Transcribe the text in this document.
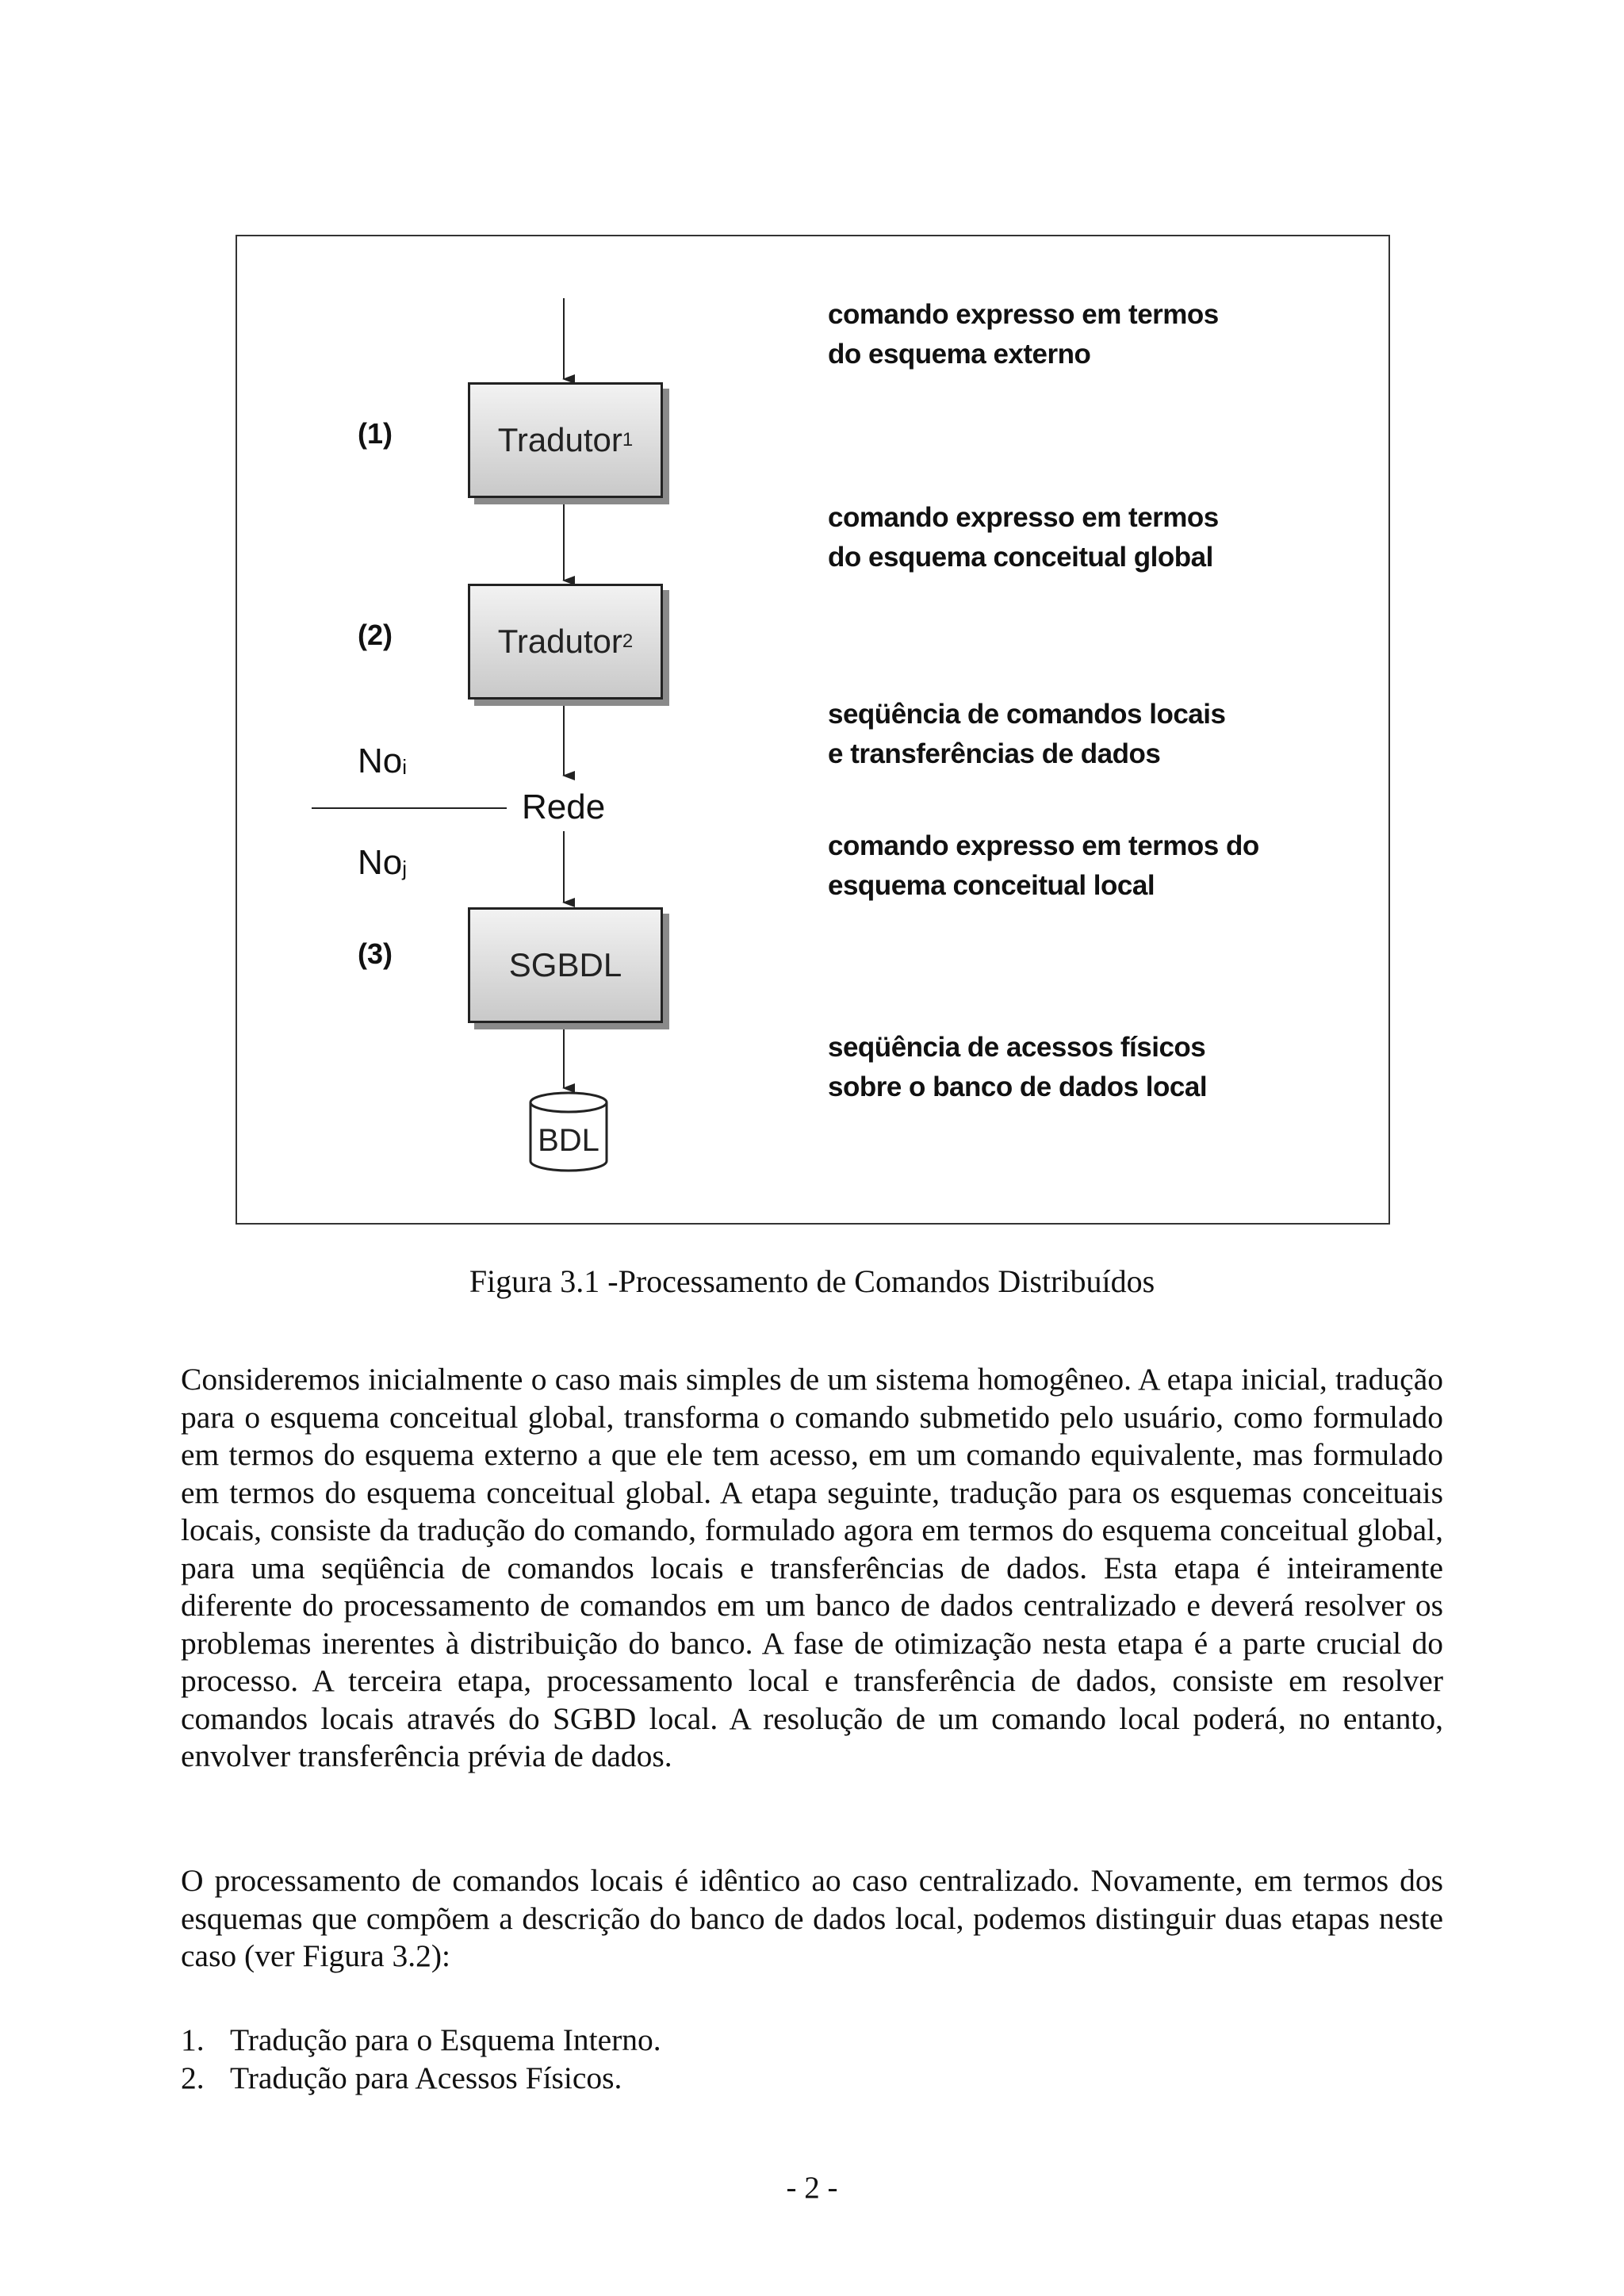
(1)
(2)
(3)
$No_i$
$No_j$
Rede
Tradutor 1
Tradutor 2
SGBDL
BDL
comando expresso em termos
do esquema externo
comando expresso em termos
do esquema conceitual global
seqüência de comandos locais
e transferências de dados
comando expresso em termos do
esquema conceitual local
seqüência de acessos físicos
sobre o banco de dados local
Figura 3.1 -Processamento de Comandos Distribuídos

Consideremos inicialmente o caso mais simples de um sistema homogêneo. A etapa inicial, tradução para o esquema conceitual global, transforma o comando submetido pelo usuário, como formulado em termos do esquema externo a que ele tem acesso, em um comando equivalente, mas formulado em termos do esquema conceitual global. A etapa seguinte, tradução para os esquemas conceituais locais, consiste da tradução do comando, formulado agora em termos do esquema conceitual global, para uma seqüência de comandos locais e transferências de dados. Esta etapa é inteiramente diferente do processamento de comandos em um banco de dados centralizado e deverá resolver os problemas inerentes à distribuição do banco. A fase de otimização nesta etapa é a parte crucial do processo. A terceira etapa, processamento local e transferência de dados, consiste em resolver comandos locais através do SGBD local. A resolução de um comando local poderá, no entanto, envolver transferência prévia de dados.

O processamento de comandos locais é idêntico ao caso centralizado. Novamente, em termos dos esquemas que compõem a descrição do banco de dados local, podemos distinguir duas etapas neste caso (ver Figura 3.2):

1. Tradução para o Esquema Interno.
2. Tradução para Acessos Físicos.
- 2 -
